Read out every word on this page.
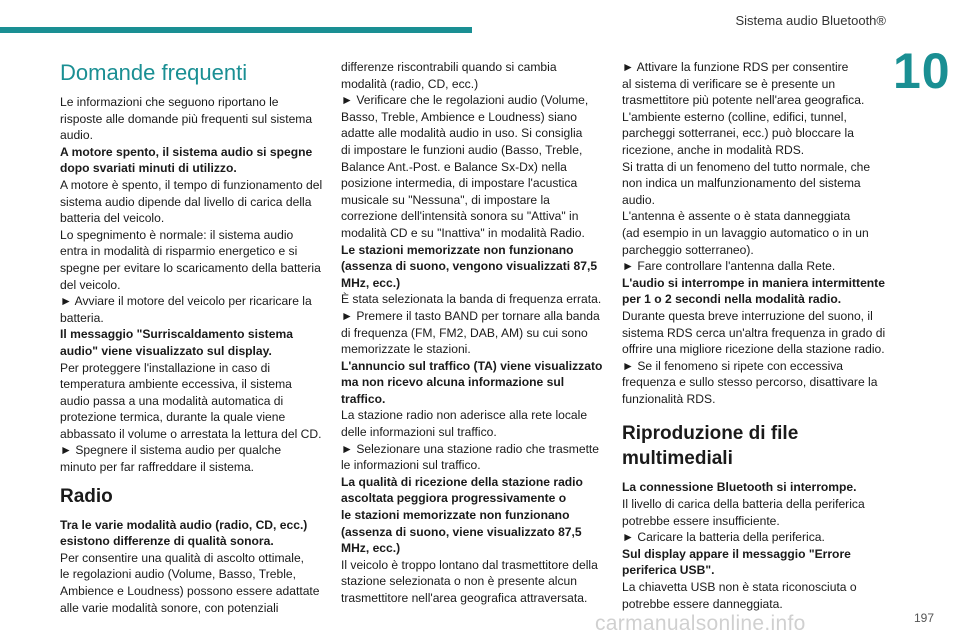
Sistema audio Bluetooth®
10
Domande frequenti

Le informazioni che seguono riportano le

risposte alle domande più frequenti sul sistema

audio.

A motore spento, il sistema audio si spegne

dopo svariati minuti di utilizzo.

A motore è spento, il tempo di funzionamento del

sistema audio dipende dal livello di carica della

batteria del veicolo.

Lo spegnimento è normale: il sistema audio

entra in modalità di risparmio energetico e si

spegne per evitare lo scaricamento della batteria

del veicolo.

► Avviare il motore del veicolo per ricaricare la

batteria.

Il messaggio "Surriscaldamento sistema

audio" viene visualizzato sul display.

Per proteggere l'installazione in caso di

temperatura ambiente eccessiva, il sistema

audio passa a una modalità automatica di

protezione termica, durante la quale viene

abbassato il volume o arrestata la lettura del CD.

► Spegnere il sistema audio per qualche

minuto per far raffreddare il sistema.

Radio

Tra le varie modalità audio (radio, CD, ecc.)

esistono differenze di qualità sonora.

Per consentire una qualità di ascolto ottimale,

le regolazioni audio (Volume, Basso, Treble,

Ambience e Loudness) possono essere adattate

alle varie modalità sonore, con potenziali

differenze riscontrabili quando si cambia

modalità (radio, CD, ecc.)

► Verificare che le regolazioni audio (Volume,

Basso, Treble, Ambience e Loudness) siano

adatte alle modalità audio in uso. Si consiglia

di impostare le funzioni audio (Basso, Treble,

Balance Ant.-Post. e Balance Sx-Dx) nella

posizione intermedia, di impostare l'acustica

musicale su "Nessuna", di impostare la

correzione dell'intensità sonora su "Attiva" in

modalità CD e su "Inattiva" in modalità Radio.

Le stazioni memorizzate non funzionano

(assenza di suono, vengono visualizzati 87,5

MHz, ecc.)

È stata selezionata la banda di frequenza errata.

► Premere il tasto BAND per tornare alla banda

di frequenza (FM, FM2, DAB, AM) su cui sono

memorizzate le stazioni.

L'annuncio sul traffico (TA) viene visualizzato

ma non ricevo alcuna informazione sul

traffico.

La stazione radio non aderisce alla rete locale

delle informazioni sul traffico.

► Selezionare una stazione radio che trasmette

le informazioni sul traffico.

La qualità di ricezione della stazione radio

ascoltata peggiora progressivamente o

le stazioni memorizzate non funzionano

(assenza di suono, viene visualizzato 87,5

MHz, ecc.)

Il veicolo è troppo lontano dal trasmettitore della

stazione selezionata o non è presente alcun

trasmettitore nell'area geografica attraversata.

► Attivare la funzione RDS per consentire

al sistema di verificare se è presente un

trasmettitore più potente nell'area geografica.

L'ambiente esterno (colline, edifici, tunnel,

parcheggi sotterranei, ecc.) può bloccare la

ricezione, anche in modalità RDS.

Si tratta di un fenomeno del tutto normale, che

non indica un malfunzionamento del sistema

audio.

L'antenna è assente o è stata danneggiata

(ad esempio in un lavaggio automatico o in un

parcheggio sotterraneo).

► Fare controllare l'antenna dalla Rete.

L'audio si interrompe in maniera intermittente

per 1 o 2 secondi nella modalità radio.

Durante questa breve interruzione del suono, il

sistema RDS cerca un'altra frequenza in grado di

offrire una migliore ricezione della stazione radio.

► Se il fenomeno si ripete con eccessiva

frequenza e sullo stesso percorso, disattivare la

funzionalità RDS.

Riproduzione di file
multimediali

La connessione Bluetooth si interrompe.

Il livello di carica della batteria della periferica

potrebbe essere insufficiente.

► Caricare la batteria della periferica.

Sul display appare il messaggio "Errore

periferica USB".

La chiavetta USB non è stata riconosciuta o

potrebbe essere danneggiata.

carmanualsonline.info	197
